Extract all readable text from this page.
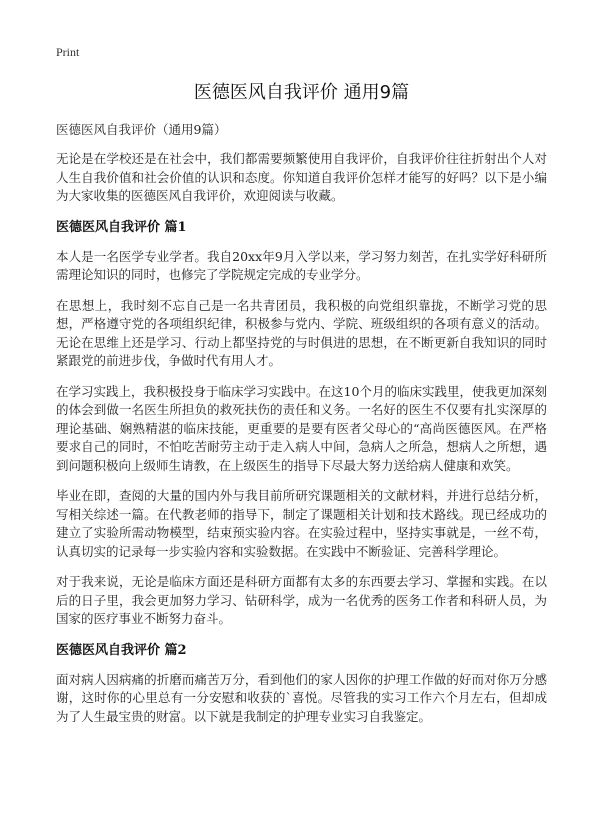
Print
医德医风自我评价 通用9篇
医德医风自我评价（通用9篇）

无论是在学校还是在社会中，我们都需要频繁使用自我评价，自我评价往往折射出个人对人生自我价值和社会价值的认识和态度。你知道自我评价怎样才能写的好吗？以下是小编为大家收集的医德医风自我评价，欢迎阅读与收藏。

医德医风自我评价 篇1

本人是一名医学专业学者。我自20xx年9月入学以来，学习努力刻苦，在扎实学好科研所需理论知识的同时，也修完了学院规定完成的专业学分。

在思想上，我时刻不忘自己是一名共青团员，我积极的向党组织靠拢，不断学习党的思想，严格遵守党的各项组织纪律，积极参与党内、学院、班级组织的各项有意义的活动。无论在思维上还是学习、行动上都坚持党的与时俱进的思想，在不断更新自我知识的同时紧跟党的前进步伐，争做时代有用人才。

在学习实践上，我积极投身于临床学习实践中。在这10个月的临床实践里，使我更加深刻的体会到做一名医生所担负的救死扶伤的责任和义务。一名好的医生不仅要有扎实深厚的理论基础、娴熟精湛的临床技能，更重要的是要有医者父母心的“高尚医德医风。在严格要求自己的同时，不怕吃苦耐劳主动于走入病人中间，急病人之所急，想病人之所想，遇到问题积极向上级师生请教，在上级医生的指导下尽最大努力送给病人健康和欢笑。

毕业在即，查阅的大量的国内外与我目前所研究课题相关的文献材料，并进行总结分析，写相关综述一篇。在代教老师的指导下，制定了课题相关计划和技术路线。现已经成功的建立了实验所需动物模型，结束预实验内容。在实验过程中，坚持实事就是，一丝不苟，认真切实的记录每一步实验内容和实验数据。在实践中不断验证、完善科学理论。

对于我来说，无论是临床方面还是科研方面都有太多的东西要去学习、掌握和实践。在以后的日子里，我会更加努力学习、钻研科学，成为一名优秀的医务工作者和科研人员，为国家的医疗事业不断努力奋斗。

医德医风自我评价 篇2

面对病人因病痛的折磨而痛苦万分，看到他们的家人因你的护理工作做的好而对你万分感谢，这时你的心里总有一分安慰和收获的`喜悦。尽管我的实习工作六个月左右，但却成为了人生最宝贵的财富。以下就是我制定的护理专业实习自我鉴定。
